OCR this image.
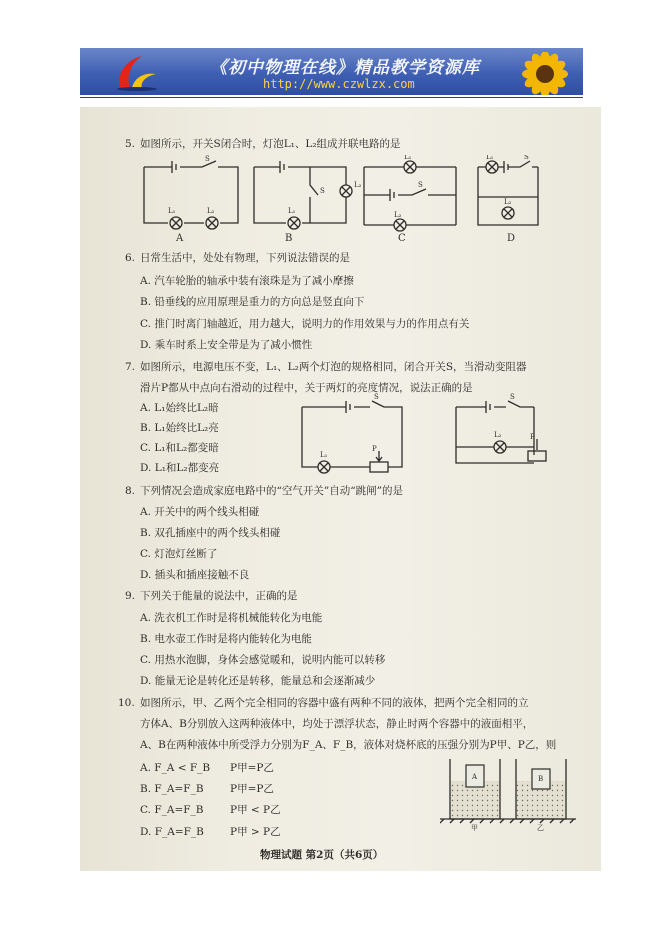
《初中物理在线》精品教学资源库
http://www.czwlzx.com
5. 如图所示，开关S闭合时，灯泡L₁、L₂组成并联电路的是
S
L₁	L₂
S
L₂
L₁
L₁
S
L₂
L₁	S
L₂
A	B	C	D
6. 日常生活中，处处有物理，下列说法错误的是
A. 汽车轮胎的轴承中装有滚珠是为了减小摩擦
B. 铅垂线的应用原理是重力的方向总是竖直向下
C. 推门时离门轴越近，用力越大，说明力的作用效果与力的作用点有关
D. 乘车时系上安全带是为了减小惯性
7. 如图所示，电源电压不变，L₁、L₂两个灯泡的规格相同，闭合开关S，当滑动变阻器
滑片P都从中点向右滑动的过程中，关于两灯的亮度情况，说法正确的是
A. L₁始终比L₂暗
B. L₁始终比L₂亮
C. L₁和L₂都变暗
D. L₁和L₂都变亮
S
L₁
P
S
L₂	P
8. 下列情况会造成家庭电路中的“空气开关”自动“跳闸”的是
A. 开关中的两个线头相碰
B. 双孔插座中的两个线头相碰
C. 灯泡灯丝断了
D. 插头和插座接触不良
9. 下列关于能量的说法中，正确的是
A. 洗衣机工作时是将机械能转化为电能
B. 电水壶工作时是将内能转化为电能
C. 用热水泡脚，身体会感觉暖和，说明内能可以转移
D. 能量无论是转化还是转移，能量总和会逐渐减少
10. 如图所示，甲、乙两个完全相同的容器中盛有两种不同的液体，把两个完全相同的立
方体A、B分别放入这两种液体中，均处于漂浮状态，静止时两个容器中的液面相平，
A、B在两种液体中所受浮力分别为F_A、F_B，液体对烧杯底的压强分别为P甲、P乙，则
A. F_A < F_B P甲=P乙
B. F_A=F_B	P甲=P乙
C. F_A=F_B	P甲 < P乙
D. F_A=F_B P甲 > P乙
A	B
甲	乙
物理试题 第2页（共6页）
